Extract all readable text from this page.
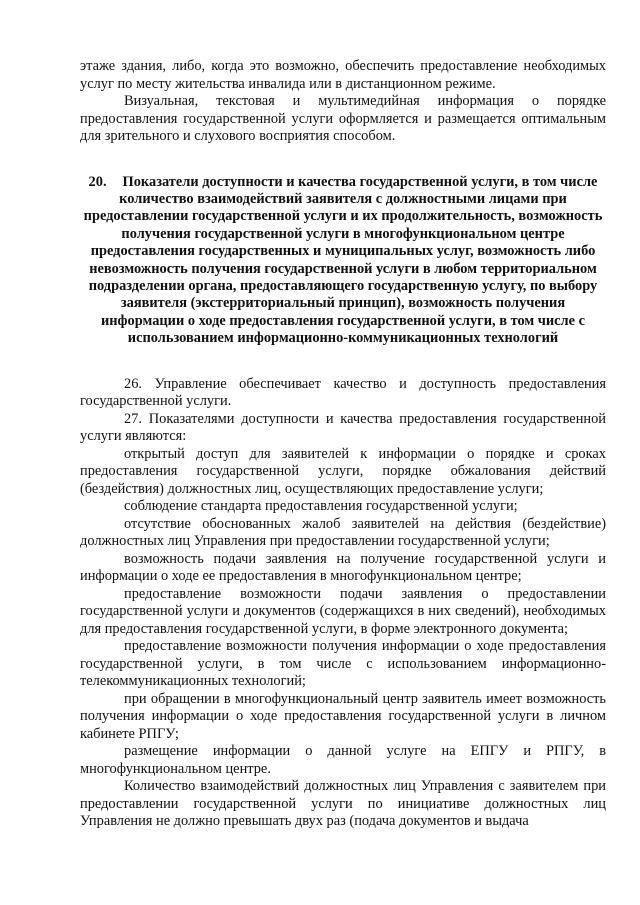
этаже здания, либо, когда это возможно, обеспечить предоставление необходимых услуг по месту жительства инвалида или в дистанционном режиме.

Визуальная, текстовая и мультимедийная информация о порядке предоставления государственной услуги оформляется и размещается оптимальным для зрительного и слухового восприятия способом.

20. Показатели доступности и качества государственной услуги, в том числе количество взаимодействий заявителя с должностными лицами при предоставлении государственной услуги и их продолжительность, возможность получения государственной услуги в многофункциональном центре предоставления государственных и муниципальных услуг, возможность либо невозможность получения государственной услуги в любом территориальном подразделении органа, предоставляющего государственную услугу, по выбору заявителя (экстерриториальный принцип), возможность получения информации о ходе предоставления государственной услуги, в том числе с использованием информационно-коммуникационных технологий

26. Управление обеспечивает качество и доступность предоставления государственной услуги.

27. Показателями доступности и качества предоставления государственной услуги являются:

открытый доступ для заявителей к информации о порядке и сроках предоставления государственной услуги, порядке обжалования действий (бездействия) должностных лиц, осуществляющих предоставление услуги;

соблюдение стандарта предоставления государственной услуги;

отсутствие обоснованных жалоб заявителей на действия (бездействие) должностных лиц Управления при предоставлении государственной услуги;

возможность подачи заявления на получение государственной услуги и информации о ходе ее предоставления в многофункциональном центре;

предоставление возможности подачи заявления о предоставлении государственной услуги и документов (содержащихся в них сведений), необходимых для предоставления государственной услуги, в форме электронного документа;

предоставление возможности получения информации о ходе предоставления государственной услуги, в том числе с использованием информационно-телекоммуникационных технологий;

при обращении в многофункциональный центр заявитель имеет возможность получения информации о ходе предоставления государственной услуги в личном кабинете РПГУ;

размещение информации о данной услуге на ЕПГУ и РПГУ, в многофункциональном центре.

Количество взаимодействий должностных лиц Управления с заявителем при предоставлении государственной услуги по инициативе должностных лиц Управления не должно превышать двух раз (подача документов и выдача
